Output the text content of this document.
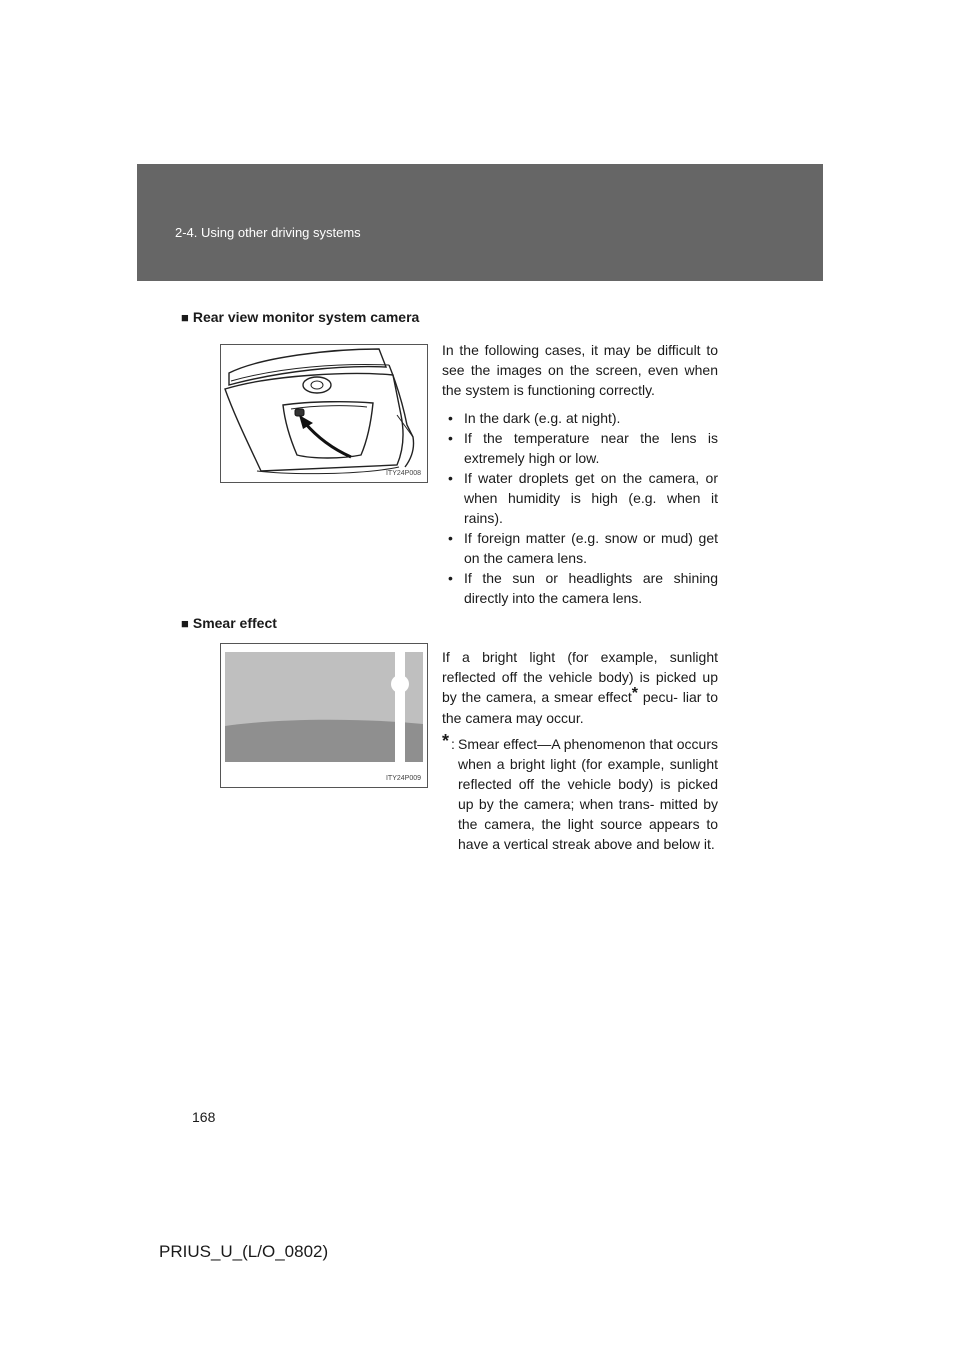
2-4. Using other driving systems
■ Rear view monitor system camera
ITY24P008

In the following cases, it may be difficult to see the images on the screen, even when the system is functioning correctly.

• In the dark (e.g. at night).
• If the temperature near the lens is extremely high or low.
• If water droplets get on the camera, or when humidity is high (e.g. when it rains).
• If foreign matter (e.g. snow or mud) get on the camera lens.
• If the sun or headlights are shining directly into the camera lens.
■ Smear effect
ITY24P009

If a bright light (for example, sunlight reflected off the vehicle body) is picked up by the camera, a smear effect* pecu- liar to the camera may occur.

* : Smear effect—A phenomenon that occurs when a bright light (for example, sunlight reflected off the vehicle body) is picked up by the camera; when trans- mitted by the camera, the light source appears to have a vertical streak above and below it.
168
PRIUS_U_(L/O_0802)
